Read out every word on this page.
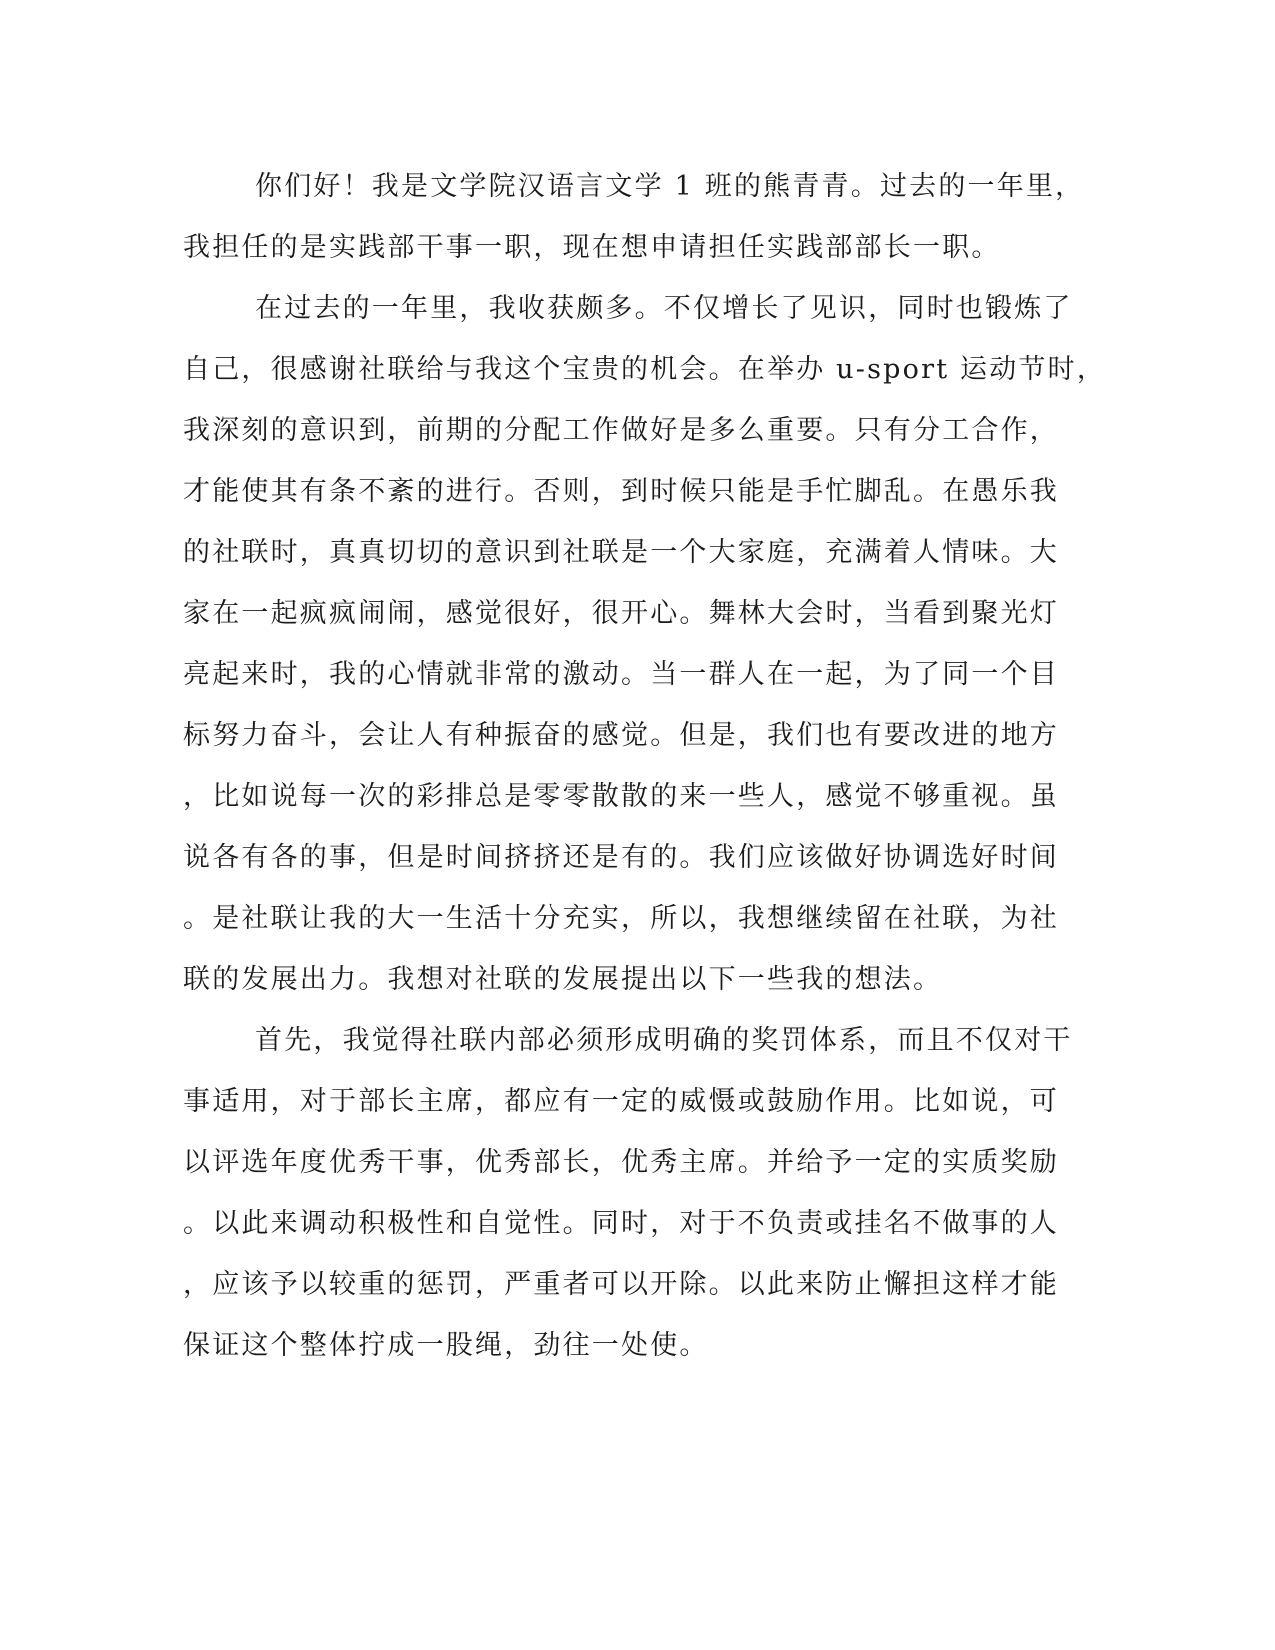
你们好！我是文学院汉语言文学 1 班的熊青青。过去的一年里，
我担任的是实践部干事一职，现在想申请担任实践部部长一职。
在过去的一年里，我收获颇多。不仅增长了见识，同时也锻炼了
自己，很感谢社联给与我这个宝贵的机会。在举办 u-sport 运动节时，
我深刻的意识到，前期的分配工作做好是多么重要。只有分工合作，
才能使其有条不紊的进行。否则，到时候只能是手忙脚乱。在愚乐我
的社联时，真真切切的意识到社联是一个大家庭，充满着人情味。大
家在一起疯疯闹闹，感觉很好，很开心。舞林大会时，当看到聚光灯
亮起来时，我的心情就非常的激动。当一群人在一起，为了同一个目
标努力奋斗，会让人有种振奋的感觉。但是，我们也有要改进的地方
，比如说每一次的彩排总是零零散散的来一些人，感觉不够重视。虽
说各有各的事，但是时间挤挤还是有的。我们应该做好协调选好时间
。是社联让我的大一生活十分充实，所以，我想继续留在社联，为社
联的发展出力。我想对社联的发展提出以下一些我的想法。
首先，我觉得社联内部必须形成明确的奖罚体系，而且不仅对干
事适用，对于部长主席，都应有一定的威慑或鼓励作用。比如说，可
以评选年度优秀干事，优秀部长，优秀主席。并给予一定的实质奖励
。以此来调动积极性和自觉性。同时，对于不负责或挂名不做事的人
，应该予以较重的惩罚，严重者可以开除。以此来防止懈担这样才能
保证这个整体拧成一股绳，劲往一处使。
